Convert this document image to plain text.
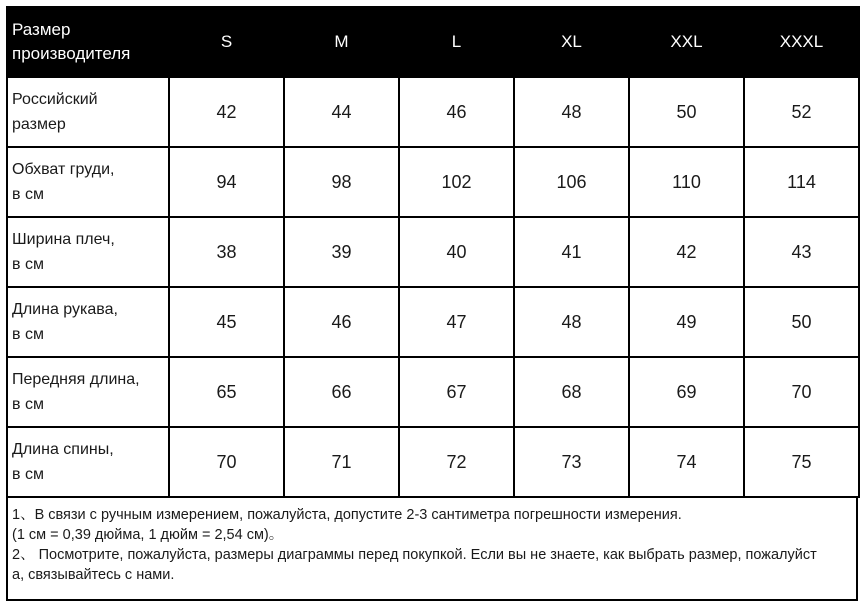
Размер
производителя	S	M	L	XL	XXL	XXXL

Российский
размер	42	44	46	48	50	52

Обхват груди,
в см	94	98	102	106	110	114

Ширина плеч,
в см	38	39	40	41	42	43

Длина рукава,
в см	45	46	47	48	49	50

Передняя длина,
в см	65	66	67	68	69	70

Длина спины,
в см	70	71	72	73	74	75

1、В связи с ручным измерением, пожалуйста, допустите 2-3 сантиметра погрешности измерения.

(1 см = 0,39 дюйма, 1 дюйм = 2,54 см)。

2、 Посмотрите, пожалуйста, размеры диаграммы перед покупкой. Если вы не знаете, как выбрать размер, пожалуйст

а, связывайтесь с нами.
